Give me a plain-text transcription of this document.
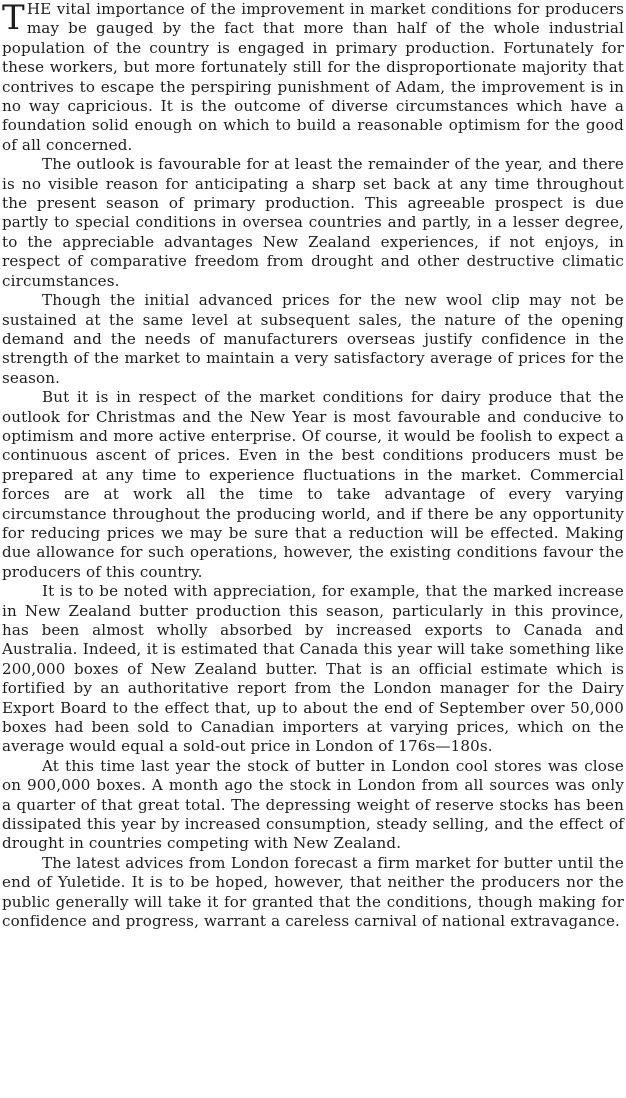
THE vital importance of the improvement in market conditions for producers may be gauged by the fact that more than half of the whole industrial population of the country is engaged in primary production. Fortunately for these workers, but more fortunately still for the disproportionate majority that contrives to escape the perspiring punishment of Adam, the improvement is in no way capricious. It is the outcome of diverse circumstances which have a foundation solid enough on which to build a reasonable optimism for the good of all concerned.

The outlook is favourable for at least the remainder of the year, and there is no visible reason for anticipating a sharp set back at any time throughout the present season of primary production. This agreeable prospect is due partly to special conditions in oversea countries and partly, in a lesser degree, to the appreciable advantages New Zealand experiences, if not enjoys, in respect of comparative freedom from drought and other destructive climatic circumstances.

Though the initial advanced prices for the new wool clip may not be sustained at the same level at subsequent sales, the nature of the opening demand and the needs of manufacturers overseas justify confidence in the strength of the market to maintain a very satisfactory average of prices for the season.

But it is in respect of the market conditions for dairy produce that the outlook for Christmas and the New Year is most favourable and conducive to optimism and more active enterprise. Of course, it would be foolish to expect a continuous ascent of prices. Even in the best conditions producers must be prepared at any time to experience fluctuations in the market. Commercial forces are at work all the time to take advantage of every varying circumstance throughout the producing world, and if there be any opportunity for reducing prices we may be sure that a reduction will be effected. Making due allowance for such operations, however, the existing conditions favour the producers of this country.

It is to be noted with appreciation, for example, that the marked increase in New Zealand butter production this season, particularly in this province, has been almost wholly absorbed by increased exports to Canada and Australia. Indeed, it is estimated that Canada this year will take something like 200,000 boxes of New Zealand butter. That is an official estimate which is fortified by an authoritative report from the London manager for the Dairy Export Board to the effect that, up to about the end of September over 50,000 boxes had been sold to Canadian importers at varying prices, which on the average would equal a sold-out price in London of 176s—180s.

At this time last year the stock of butter in London cool stores was close on 900,000 boxes. A month ago the stock in London from all sources was only a quarter of that great total. The depressing weight of reserve stocks has been dissipated this year by increased consumption, steady selling, and the effect of drought in countries competing with New Zealand.

The latest advices from London forecast a firm market for butter until the end of Yuletide. It is to be hoped, however, that neither the producers nor the public generally will take it for granted that the conditions, though making for confidence and progress, warrant a careless carnival of national extravagance.
